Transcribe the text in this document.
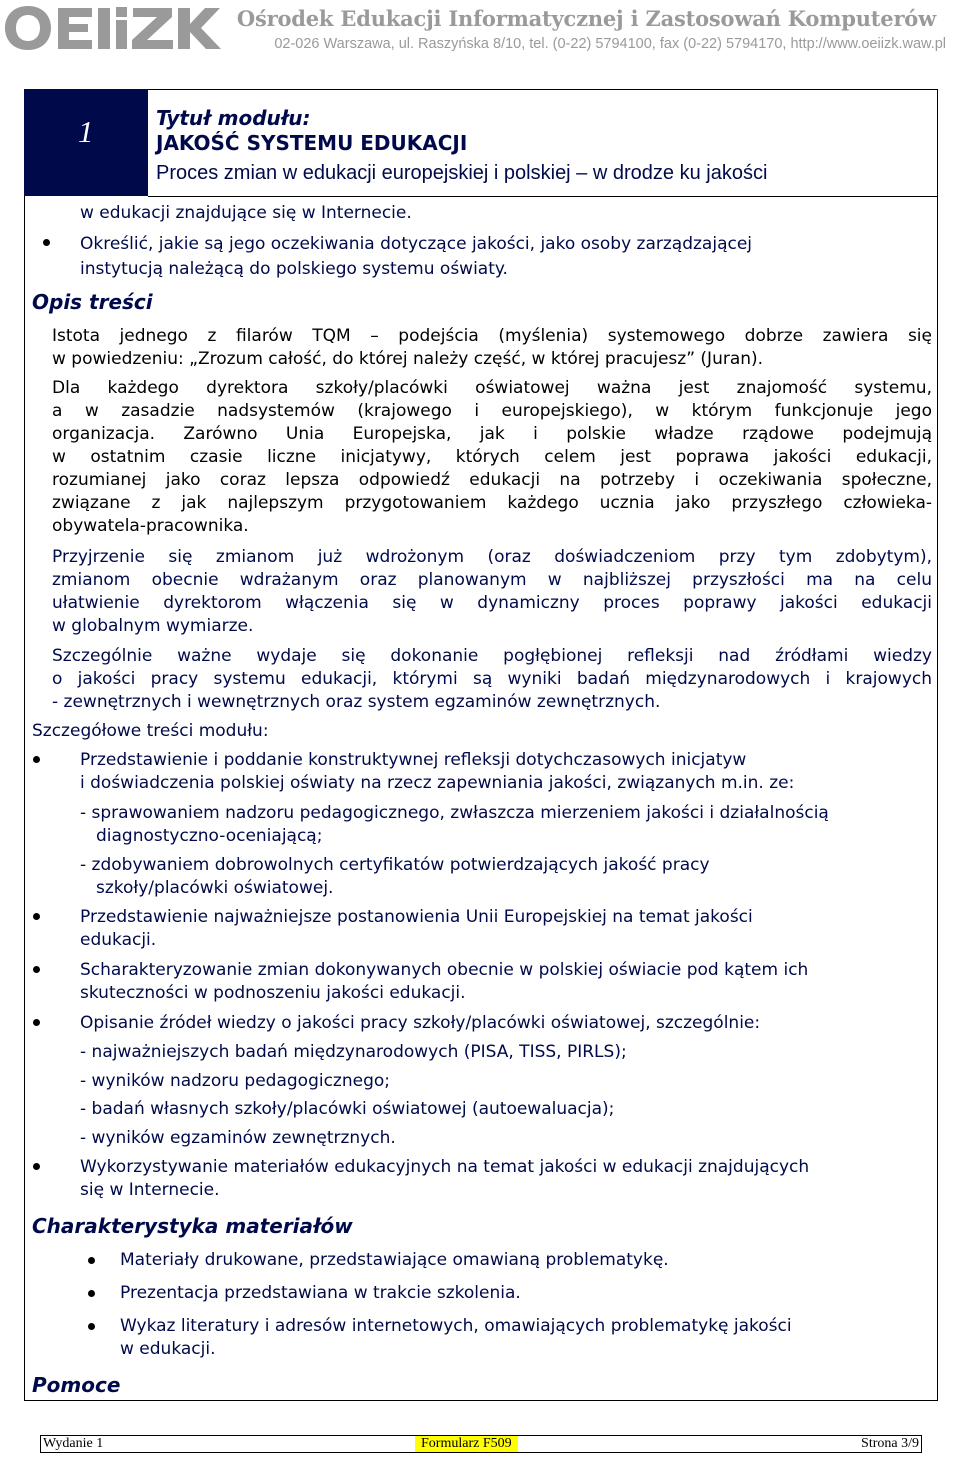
Ośrodek Edukacji Informatycznej i Zastosowań Komputerów
02-026 Warszawa, ul. Raszyńska 8/10, tel. (0-22) 5794100, fax (0-22) 5794170, http://www.oeiizk.waw.pl
1	Tytuł modułu:
JAKOŚĆ SYSTEMU EDUKACJI
Proces zmian w edukacji europejskiej i polskiej – w drodze ku jakości
w edukacji znajdujące się w Internecie.
Określić, jakie są jego oczekiwania dotyczące jakości, jako osoby zarządzającej
instytucją należącą do polskiego systemu oświaty.
Opis treści
Istota jednego z filarów TQM – podejścia (myślenia) systemowego dobrze zawiera się
w powiedzeniu: „Zrozum całość, do której należy część, w której pracujesz” (Juran).
Dla każdego dyrektora szkoły/placówki oświatowej ważna jest znajomość systemu,
a w zasadzie nadsystemów (krajowego i europejskiego), w którym funkcjonuje jego
organizacja. Zarówno Unia Europejska, jak i polskie władze rządowe podejmują
w ostatnim czasie liczne inicjatywy, których celem jest poprawa jakości edukacji,
rozumianej jako coraz lepsza odpowiedź edukacji na potrzeby i oczekiwania społeczne,
związane z jak najlepszym przygotowaniem każdego ucznia jako przyszłego człowieka-
obywatela-pracownika.
Przyjrzenie się zmianom już wdrożonym (oraz doświadczeniom przy tym zdobytym),
zmianom obecnie wdrażanym oraz planowanym w najbliższej przyszłości ma na celu
ułatwienie dyrektorom włączenia się w dynamiczny proces poprawy jakości edukacji
w globalnym wymiarze.
Szczególnie ważne wydaje się dokonanie pogłębionej refleksji nad źródłami wiedzy
o jakości pracy systemu edukacji, którymi są wyniki badań międzynarodowych i krajowych
- zewnętrznych i wewnętrznych oraz system egzaminów zewnętrznych.
Szczegółowe treści modułu:
Przedstawienie i poddanie konstruktywnej refleksji dotychczasowych inicjatyw
i doświadczenia polskiej oświaty na rzecz zapewniania jakości, związanych m.in. ze:
- sprawowaniem nadzoru pedagogicznego, zwłaszcza mierzeniem jakości i działalnością
diagnostyczno-oceniającą;
- zdobywaniem dobrowolnych certyfikatów potwierdzających jakość pracy
szkoły/placówki oświatowej.
Przedstawienie najważniejsze postanowienia Unii Europejskiej na temat jakości
edukacji.
Scharakteryzowanie zmian dokonywanych obecnie w polskiej oświacie pod kątem ich
skuteczności w podnoszeniu jakości edukacji.
Opisanie źródeł wiedzy o jakości pracy szkoły/placówki oświatowej, szczególnie:
- najważniejszych badań międzynarodowych (PISA, TISS, PIRLS);
- wyników nadzoru pedagogicznego;
- badań własnych szkoły/placówki oświatowej (autoewaluacja);
- wyników egzaminów zewnętrznych.
Wykorzystywanie materiałów edukacyjnych na temat jakości w edukacji znajdujących
się w Internecie.
Charakterystyka materiałów
Materiały drukowane, przedstawiające omawianą problematykę.
Prezentacja przedstawiana w trakcie szkolenia.
Wykaz literatury i adresów internetowych, omawiających problematykę jakości
w edukacji.
Pomoce
Wydanie 1	Formularz F509	Strona 3/9
